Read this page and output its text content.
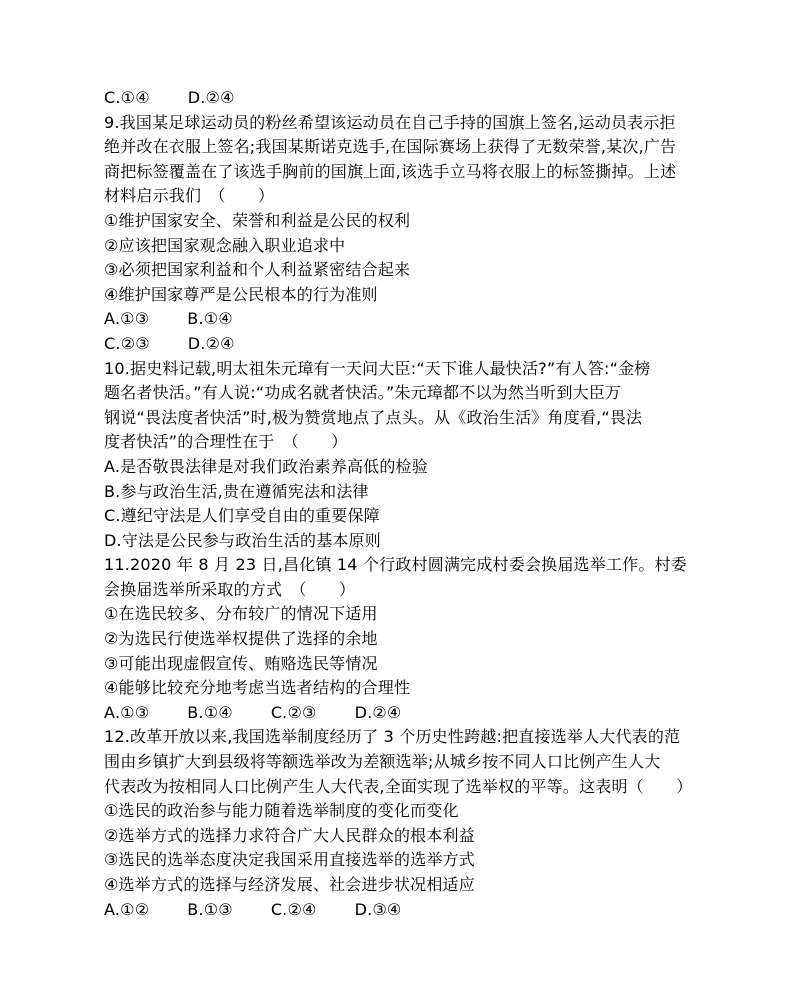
C.①④ D.②④
9.我国某足球运动员的粉丝希望该运动员在自己手持的国旗上签名,运动员表示拒
绝并改在衣服上签名;我国某斯诺克选手,在国际赛场上获得了无数荣誉,某次,广告
商把标签覆盖在了该选手胸前的国旗上面,该选手立马将衣服上的标签撕掉。上述
材料启示我们　（　　）
①维护国家安全、荣誉和利益是公民的权利
②应该把国家观念融入职业追求中
③必须把国家利益和个人利益紧密结合起来
④维护国家尊严是公民根本的行为准则
A.①③ B.①④
C.②③ D.②④
10.据史料记载,明太祖朱元璋有一天问大臣:“天下谁人最快活?”有人答:“金榜
题名者快活。”有人说:“功成名就者快活。”朱元璋都不以为然当听到大臣万
钢说“畏法度者快活”时,极为赞赏地点了点头。从《政治生活》角度看,“畏法
度者快活”的合理性在于　（　　）
A.是否敬畏法律是对我们政治素养高低的检验
B.参与政治生活,贵在遵循宪法和法律
C.遵纪守法是人们享受自由的重要保障
D.守法是公民参与政治生活的基本原则
11.2020 年 8 月 23 日,昌化镇 14 个行政村圆满完成村委会换届选举工作。村委
会换届选举所采取的方式　（　　）
①在选民较多、分布较广的情况下适用
②为选民行使选举权提供了选择的余地
③可能出现虚假宣传、贿赂选民等情况
④能够比较充分地考虑当选者结构的合理性
A.①③ B.①④ C.②③ D.②④
12.改革开放以来,我国选举制度经历了 3 个历史性跨越:把直接选举人大代表的范
围由乡镇扩大到县级将等额选举改为差额选举;从城乡按不同人口比例产生人大
代表改为按相同人口比例产生人大代表,全面实现了选举权的平等。这表明（　　）
①选民的政治参与能力随着选举制度的变化而变化
②选举方式的选择力求符合广大人民群众的根本利益
③选民的选举态度决定我国采用直接选举的选举方式
④选举方式的选择与经济发展、社会进步状况相适应
A.①② B.①③ C.②④ D.③④
